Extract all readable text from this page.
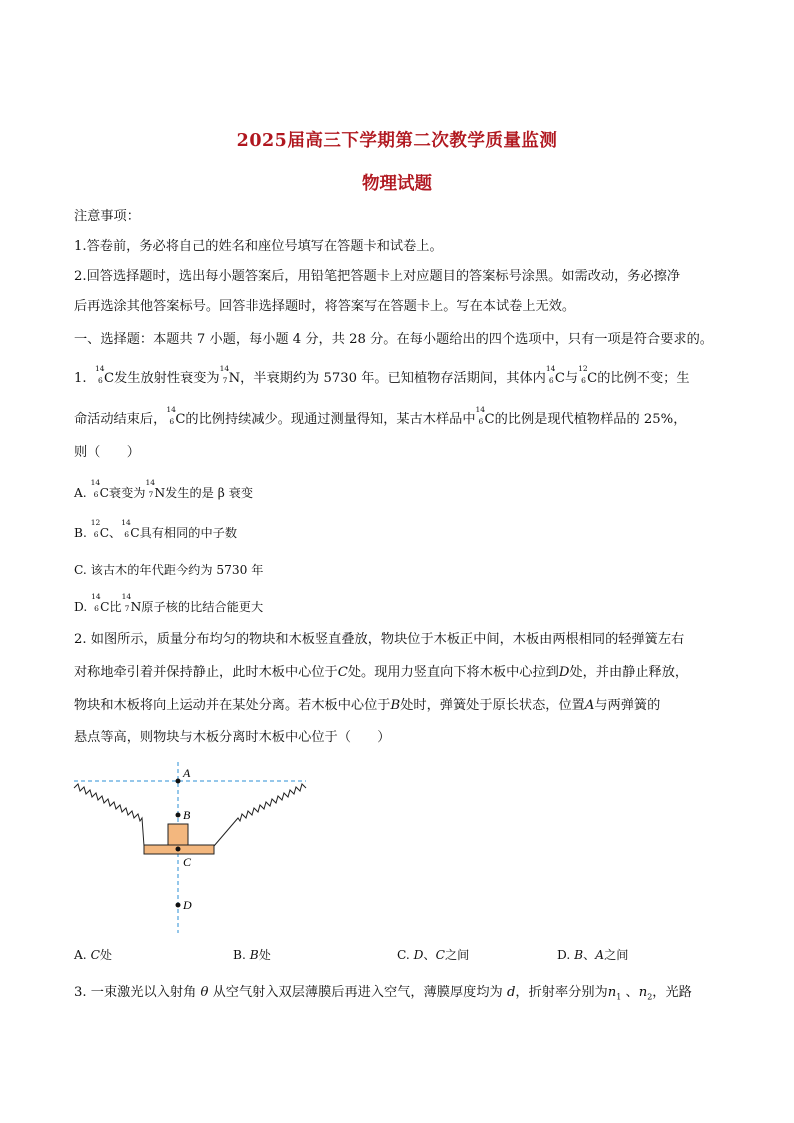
2025届高三下学期第二次教学质量监测
物理试题
注意事项：
1.答卷前，务必将自己的姓名和座位号填写在答题卡和试卷上。
2.回答选择题时，选出每小题答案后，用铅笔把答题卡上对应题目的答案标号涂黑。如需改动，务必擦净
后再选涂其他答案标号。回答非选择题时，将答案写在答题卡上。写在本试卷上无效。
一、选择题：本题共 7 小题，每小题 4 分，共 28 分。在每小题给出的四个选项中，只有一项是符合要求的。
1.
14
6 C发生放射性衰变为
14
7 N，半衰期约为 5730 年。已知植物存活期间，其体内
14
6 C与
12
6 C的比例不变；生
命活动结束后，
14
6 C的比例持续减少。现通过测量得知，某古木样品中
14
6 C的比例是现代植物样品的 25%，
则（　　）
A.
14
6 C衰变为
14
7 N发生的是 β 衰变
B.
12
6 C、
14
6 C具有相同的中子数
C. 该古木的年代距今约为 5730 年
D.
14
6 C比
14
7 N原子核的比结合能更大
2. 如图所示，质量分布均匀的物块和木板竖直叠放，物块位于木板正中间，木板由两根相同的轻弹簧左右
对称地牵引着并保持静止，此时木板中心位于C处。现用力竖直向下将木板中心拉到D处，并由静止释放，
物块和木板将向上运动并在某处分离。若木板中心位于B处时，弹簧处于原长状态，位置A与两弹簧的
悬点等高，则物块与木板分离时木板中心位于（　　）
A
B
C
D
A. C处	B. B处	C. D、C之间	D. B、A之间
3. 一束激光以入射角 θ 从空气射入双层薄膜后再进入空气，薄膜厚度均为 d，折射率分别为$n_1$ 、$n_2$，光路
